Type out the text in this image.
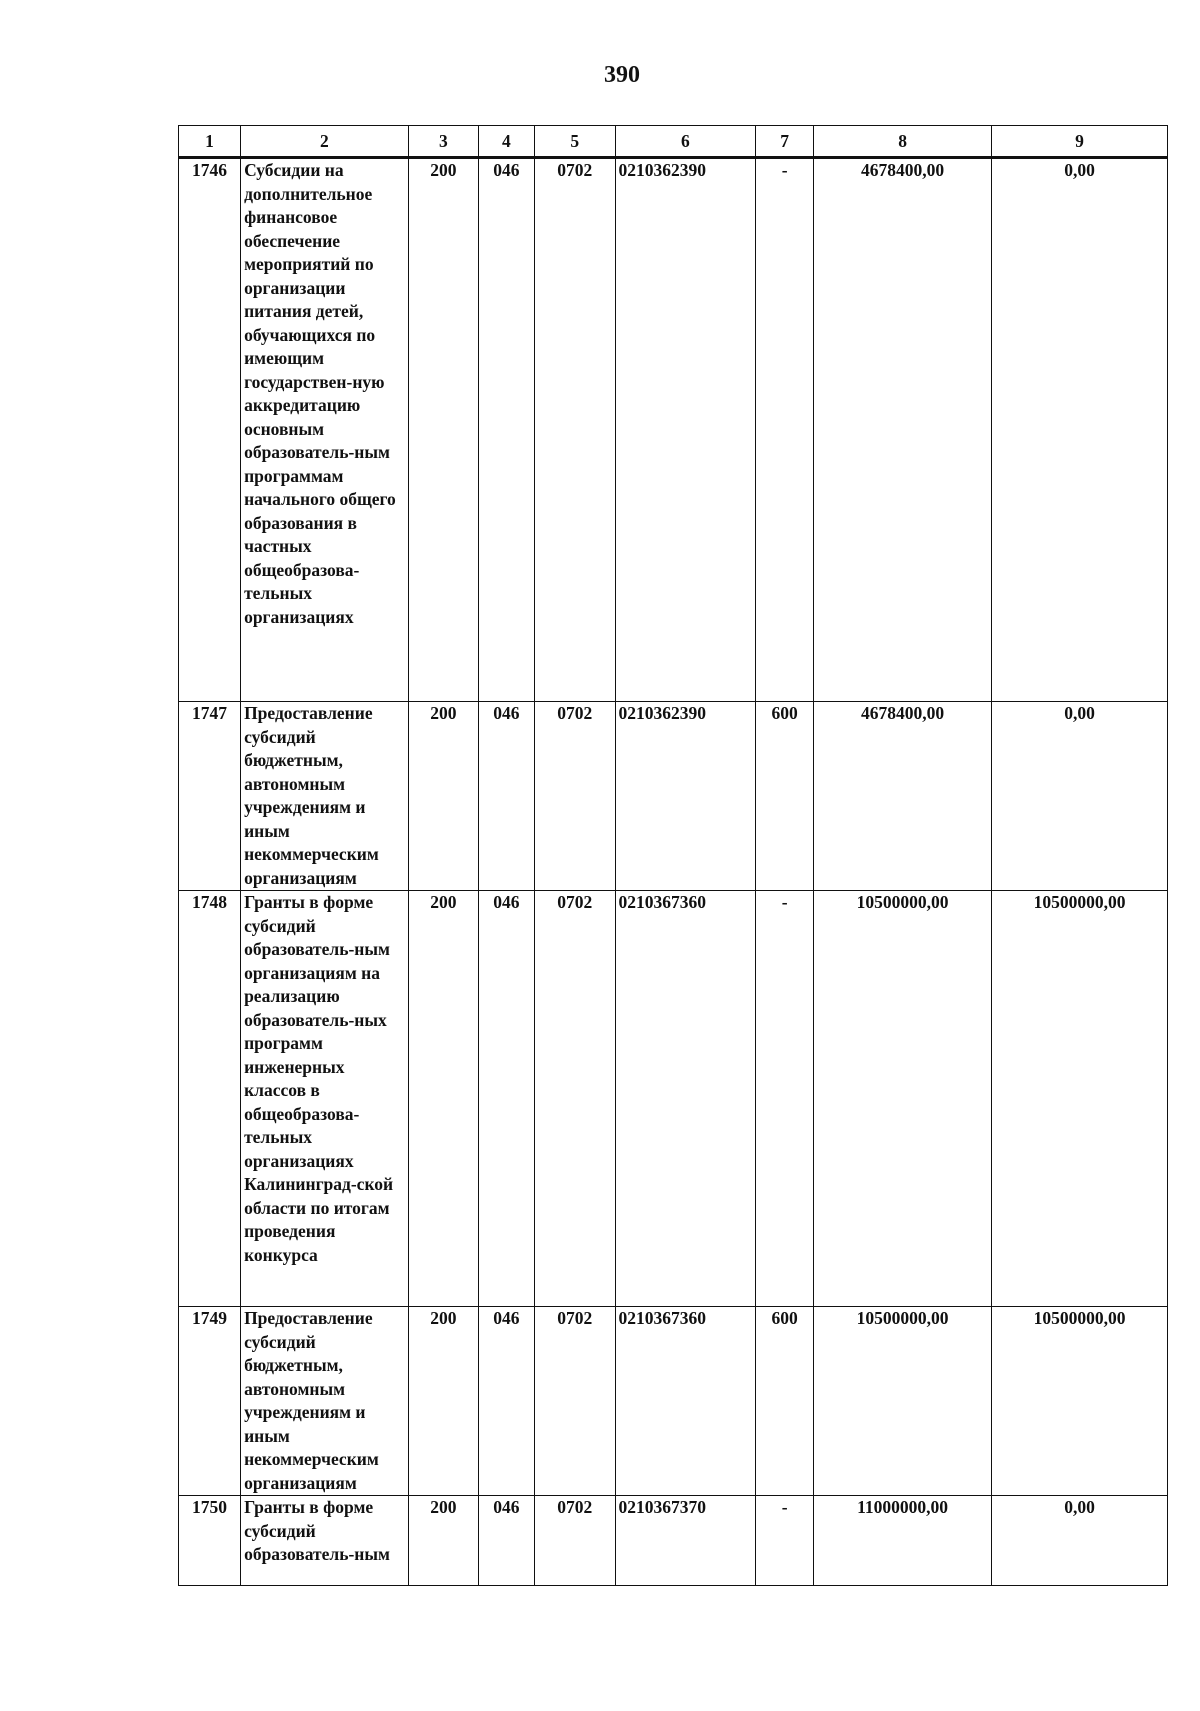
390
1	2	3	4	5	6	7	8	9
1746	Субсидии на дополнительное финансовое обеспечение мероприятий по организации питания детей, обучающихся по имеющим государствен-ную аккредитацию основным образователь-ным программам начального общего образования в частных общеобразова-тельных организациях	200	046	0702	0210362390	-	4678400,00	0,00
1747	Предоставление субсидий бюджетным, автономным учреждениям и иным некоммерческим организациям	200	046	0702	0210362390	600	4678400,00	0,00
1748	Гранты в форме субсидий образователь-ным организациям на реализацию образователь-ных программ инженерных классов в общеобразова-тельных организациях Калининград-ской области по итогам проведения конкурса	200	046	0702	0210367360	-	10500000,00	10500000,00
1749	Предоставление субсидий бюджетным, автономным учреждениям и иным некоммерческим организациям	200	046	0702	0210367360	600	10500000,00	10500000,00
1750	Гранты в форме субсидий образователь-ным	200	046	0702	0210367370	-	11000000,00	0,00
